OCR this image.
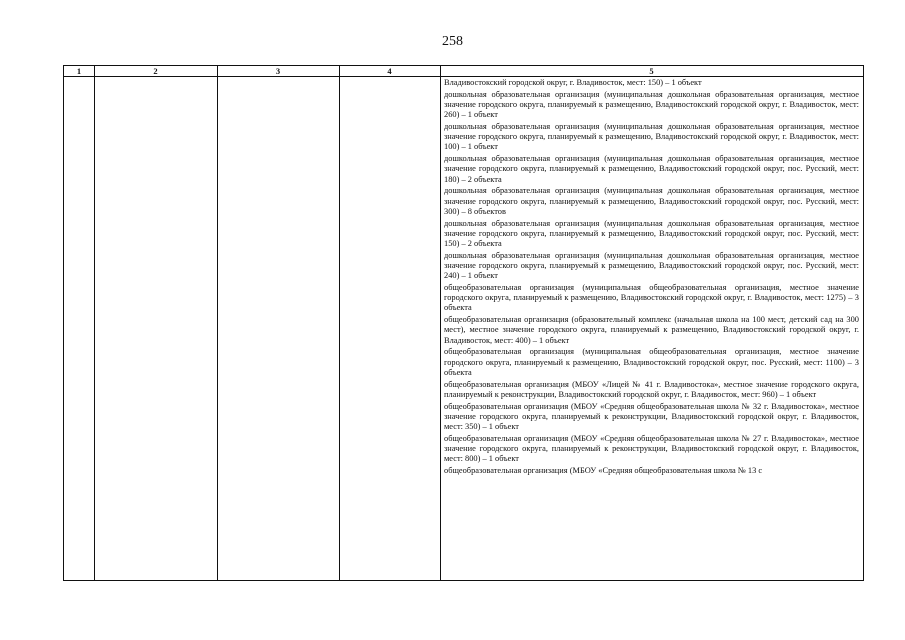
258
1	2	3	4	5
Владивостокский городской округ, г. Владивосток, мест: 150) – 1 объект
дошкольная образовательная организация (муниципальная дошкольная образовательная организация, местное значение городского округа, планируемый к размещению, Владивостокский городской округ, г. Владивосток, мест: 260) – 1 объект
дошкольная образовательная организация (муниципальная дошкольная образовательная организация, местное значение городского округа, планируемый к размещению, Владивостокский городской округ, г. Владивосток, мест: 100) – 1 объект
дошкольная образовательная организация (муниципальная дошкольная образовательная организация, местное значение городского округа, планируемый к размещению, Владивостокский городской округ, пос. Русский, мест: 180) – 2 объекта
дошкольная образовательная организация (муниципальная дошкольная образовательная организация, местное значение городского округа, планируемый к размещению, Владивостокский городской округ, пос. Русский, мест: 300) – 8 объектов
дошкольная образовательная организация (муниципальная дошкольная образовательная организация, местное значение городского округа, планируемый к размещению, Владивостокский городской округ, пос. Русский, мест: 150) – 2 объекта
дошкольная образовательная организация (муниципальная дошкольная образовательная организация, местное значение городского округа, планируемый к размещению, Владивостокский городской округ, пос. Русский, мест: 240) – 1 объект
общеобразовательная организация (муниципальная общеобразовательная организация, местное значение городского округа, планируемый к размещению, Владивостокский городской округ, г. Владивосток, мест: 1275) – 3 объекта
общеобразовательная организация (образовательный комплекс (начальная школа на 100 мест, детский сад на 300 мест), местное значение городского округа, планируемый к размещению, Владивостокский городской округ, г. Владивосток, мест: 400) – 1 объект
общеобразовательная организация (муниципальная общеобразовательная организация, местное значение городского округа, планируемый к размещению, Владивостокский городской округ, пос. Русский, мест: 1100) – 3 объекта
общеобразовательная организация (МБОУ «Лицей № 41 г. Владивостока», местное значение городского округа, планируемый к реконструкции, Владивостокский городской округ, г. Владивосток, мест: 960) – 1 объект
общеобразовательная организация (МБОУ «Средняя общеобразовательная школа № 32 г. Владивостока», местное значение городского округа, планируемый к реконструкции, Владивостокский городской округ, г. Владивосток, мест: 350) – 1 объект
общеобразовательная организация (МБОУ «Средняя общеобразовательная школа № 27 г. Владивостока», местное значение городского округа, планируемый к реконструкции, Владивостокский городской округ, г. Владивосток, мест: 800) – 1 объект
общеобразовательная организация (МБОУ «Средняя общеобразовательная школа № 13 с
